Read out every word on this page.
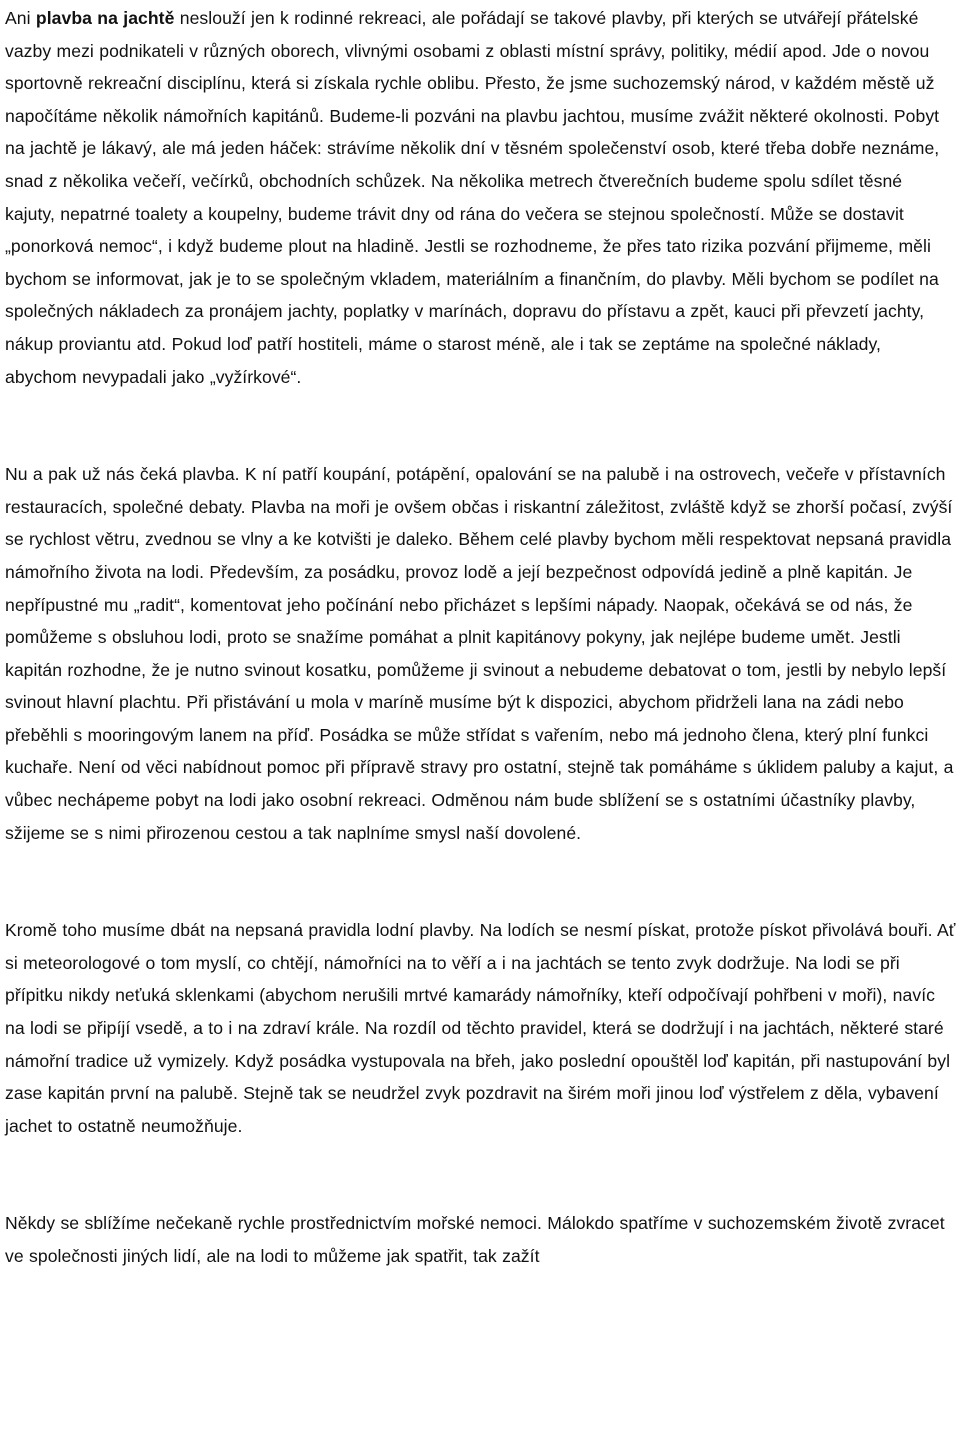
Ani plavba na jachtě neslouží jen k rodinné rekreaci, ale pořádají se takové plavby, při kterých se utvářejí přátelské vazby mezi podnikateli v různých oborech, vlivnými osobami z oblasti místní správy, politiky, médií apod. Jde o novou sportovně rekreační disciplínu, která si získala rychle oblibu. Přesto, že jsme suchozemský národ, v každém městě už napočítáme několik námořních kapitánů. Budeme-li pozváni na plavbu jachtou, musíme zvážit některé okolnosti. Pobyt na jachtě je lákavý, ale má jeden háček: strávíme několik dní v těsném společenství osob, které třeba dobře neznáme, snad z několika večeří, večírků, obchodních schůzek. Na několika metrech čtverečních budeme spolu sdílet těsné kajuty, nepatrné toalety a koupelny, budeme trávit dny od rána do večera se stejnou společností. Může se dostavit „ponorková nemoc“, i když budeme plout na hladině. Jestli se rozhodneme, že přes tato rizika pozvání přijmeme, měli bychom se informovat, jak je to se společným vkladem, materiálním a finančním, do plavby. Měli bychom se podílet na společných nákladech za pronájem jachty, poplatky v marínách, dopravu do přístavu a zpět, kauci při převzetí jachty, nákup proviantu atd. Pokud loď patří hostiteli, máme o starost méně, ale i tak se zeptáme na společné náklady, abychom nevypadali jako „vyžírkové“.

Nu a pak už nás čeká plavba. K ní patří koupání, potápění, opalování se na palubě i na ostrovech, večeře v přístavních restauracích, společné debaty. Plavba na moři je ovšem občas i riskantní záležitost, zvláště když se zhorší počasí, zvýší se rychlost větru, zvednou se vlny a ke kotvišti je daleko. Během celé plavby bychom měli respektovat nepsaná pravidla námořního života na lodi. Především, za posádku, provoz lodě a její bezpečnost odpovídá jedině a plně kapitán. Je nepřípustné mu „radit“, komentovat jeho počínání nebo přicházet s lepšími nápady. Naopak, očekává se od nás, že pomůžeme s obsluhou lodi, proto se snažíme pomáhat a plnit kapitánovy pokyny, jak nejlépe budeme umět. Jestli kapitán rozhodne, že je nutno svinout kosatku, pomůžeme ji svinout a nebudeme debatovat o tom, jestli by nebylo lepší svinout hlavní plachtu. Při přistávání u mola v maríně musíme být k dispozici, abychom přidrželi lana na zádi nebo přeběhli s mooringovým lanem na příď. Posádka se může střídat s vařením, nebo má jednoho člena, který plní funkci kuchaře. Není od věci nabídnout pomoc při přípravě stravy pro ostatní, stejně tak pomáháme s úklidem paluby a kajut, a vůbec nechápeme pobyt na lodi jako osobní rekreaci. Odměnou nám bude sblížení se s ostatními účastníky plavby, sžijeme se s nimi přirozenou cestou a tak naplníme smysl naší dovolené.

Kromě toho musíme dbát na nepsaná pravidla lodní plavby. Na lodích se nesmí pískat, protože pískot přivolává bouři. Ať si meteorologové o tom myslí, co chtějí, námořníci na to věří a i na jachtách se tento zvyk dodržuje. Na lodi se při přípitku nikdy neťuká sklenkami (abychom nerušili mrtvé kamarády námořníky, kteří odpočívají pohřbeni v moři), navíc na lodi se připíjí vsedě, a to i na zdraví krále. Na rozdíl od těchto pravidel, která se dodržují i na jachtách, některé staré námořní tradice už vymizely. Když posádka vystupovala na břeh, jako poslední opouštěl loď kapitán, při nastupování byl zase kapitán první na palubě. Stejně tak se neudržel zvyk pozdravit na širém moři jinou loď výstřelem z děla, vybavení jachet to ostatně neumožňuje.

Někdy se sblížíme nečekaně rychle prostřednictvím mořské nemoci. Málokdo spatříme v suchozemském životě zvracet ve společnosti jiných lidí, ale na lodi to můžeme jak spatřit, tak zažít
